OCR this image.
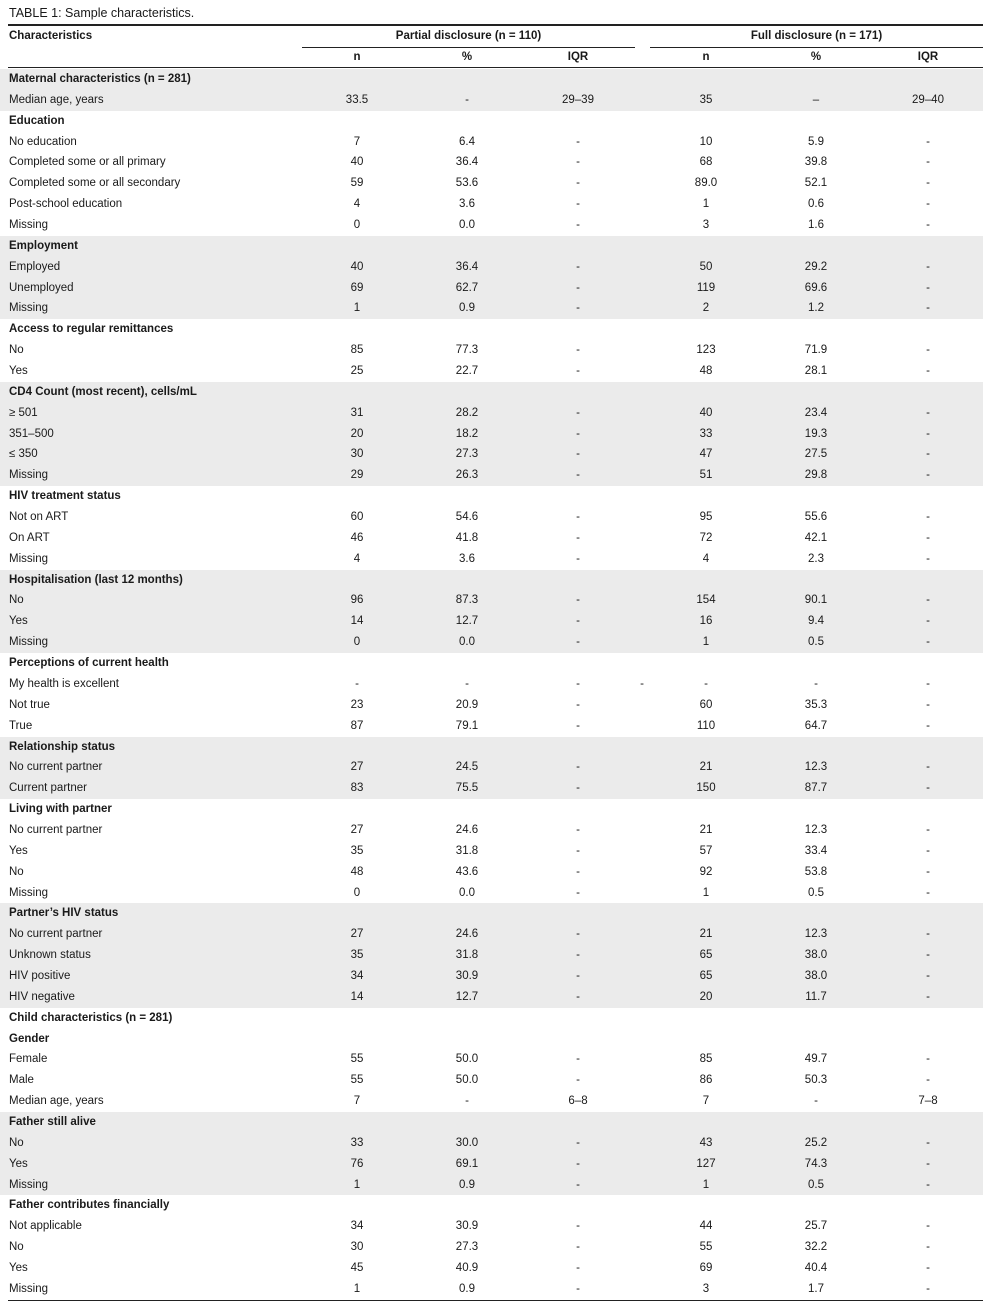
TABLE 1: Sample characteristics.
Characteristics	Partial disclosure (n = 110)	Full disclosure (n = 171)
n	%	IQR	n	%	IQR
Maternal characteristics (n = 281)
Median age, years	33.5	-	29–39	35	–	29–40
Education
No education	7	6.4	-	10	5.9	-
Completed some or all primary	40	36.4	-	68	39.8	-
Completed some or all secondary	59	53.6	-	89.0	52.1	-
Post-school education	4	3.6	-	1	0.6	-
Missing	0	0.0	-	3	1.6	-
Employment
Employed	40	36.4	-	50	29.2	-
Unemployed	69	62.7	-	119	69.6	-
Missing	1	0.9	-	2	1.2	-
Access to regular remittances
No	85	77.3	-	123	71.9	-
Yes	25	22.7	-	48	28.1	-
CD4 Count (most recent), cells/mL
≥ 501	31	28.2	-	40	23.4	-
351–500	20	18.2	-	33	19.3	-
≤ 350	30	27.3	-	47	27.5	-
Missing	29	26.3	-	51	29.8	-
HIV treatment status
Not on ART	60	54.6	-	95	55.6	-
On ART	46	41.8	-	72	42.1	-
Missing	4	3.6	-	4	2.3	-
Hospitalisation (last 12 months)
No	96	87.3	-	154	90.1	-
Yes	14	12.7	-	16	9.4	-
Missing	0	0.0	-	1	0.5	-
Perceptions of current health
My health is excellent	-	-	-	-	-	-
-
Not true	23	20.9	-	60	35.3	-
True	87	79.1	-	110	64.7	-
Relationship status
No current partner	27	24.5	-	21	12.3	-
Current partner	83	75.5	-	150	87.7	-
Living with partner
No current partner	27	24.6	-	21	12.3	-
Yes	35	31.8	-	57	33.4	-
No	48	43.6	-	92	53.8	-
Missing	0	0.0	-	1	0.5	-
Partner’s HIV status
No current partner	27	24.6	-	21	12.3	-
Unknown status	35	31.8	-	65	38.0	-
HIV positive	34	30.9	-	65	38.0	-
HIV negative	14	12.7	-	20	11.7	-
Child characteristics (n = 281)
Gender
Female	55	50.0	-	85	49.7	-
Male	55	50.0	-	86	50.3	-
Median age, years	7	-	6–8	7	-	7–8
Father still alive
No	33	30.0	-	43	25.2	-
Yes	76	69.1	-	127	74.3	-
Missing	1	0.9	-	1	0.5	-
Father contributes financially
Not applicable	34	30.9	-	44	25.7	-
No	30	27.3	-	55	32.2	-
Yes	45	40.9	-	69	40.4	-
Missing	1	0.9	-	3	1.7	-
